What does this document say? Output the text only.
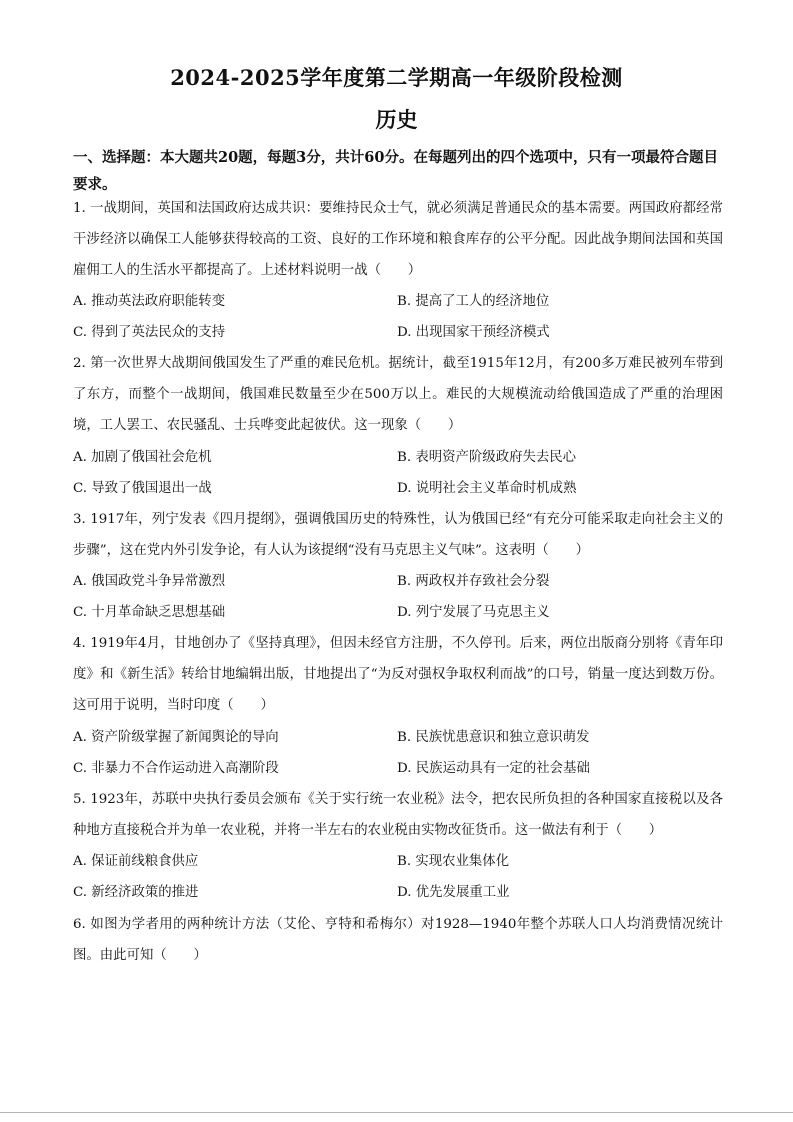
2024-2025学年度第二学期高一年级阶段检测
历史
一、选择题：本大题共20题，每题3分，共计60分。在每题列出的四个选项中，只有一项最符合题目要求。
1. 一战期间，英国和法国政府达成共识：要维持民众士气，就必须满足普通民众的基本需要。两国政府都经常干涉经济以确保工人能够获得较高的工资、良好的工作环境和粮食库存的公平分配。因此战争期间法国和英国雇佣工人的生活水平都提高了。上述材料说明一战（　　）
A. 推动英法政府职能转变	B. 提高了工人的经济地位
C. 得到了英法民众的支持	D. 出现国家干预经济模式
2. 第一次世界大战期间俄国发生了严重的难民危机。据统计，截至1915年12月，有200多万难民被列车带到了东方，而整个一战期间，俄国难民数量至少在500万以上。难民的大规模流动给俄国造成了严重的治理困境，工人罢工、农民骚乱、士兵哗变此起彼伏。这一现象（　　）
A. 加剧了俄国社会危机	B. 表明资产阶级政府失去民心
C. 导致了俄国退出一战	D. 说明社会主义革命时机成熟
3. 1917年，列宁发表《四月提纲》，强调俄国历史的特殊性，认为俄国已经“有充分可能采取走向社会主义的步骤”，这在党内外引发争论，有人认为该提纲“没有马克思主义气味”。这表明（　　）
A. 俄国政党斗争异常激烈	B. 两政权并存致社会分裂
C. 十月革命缺乏思想基础	D. 列宁发展了马克思主义
4. 1919年4月，甘地创办了《坚持真理》，但因未经官方注册，不久停刊。后来，两位出版商分别将《青年印度》和《新生活》转给甘地编辑出版，甘地提出了“为反对强权争取权利而战”的口号，销量一度达到数万份。这可用于说明，当时印度（　　）
A. 资产阶级掌握了新闻舆论的导向	B. 民族忧患意识和独立意识萌发
C. 非暴力不合作运动进入高潮阶段	D. 民族运动具有一定的社会基础
5. 1923年，苏联中央执行委员会颁布《关于实行统一农业税》法令，把农民所负担的各种国家直接税以及各种地方直接税合并为单一农业税，并将一半左右的农业税由实物改征货币。这一做法有利于（　　）
A. 保证前线粮食供应	B. 实现农业集体化
C. 新经济政策的推进	D. 优先发展重工业
6. 如图为学者用的两种统计方法（艾伦、亨特和希梅尔）对1928—1940年整个苏联人口人均消费情况统计图。由此可知（　　）
